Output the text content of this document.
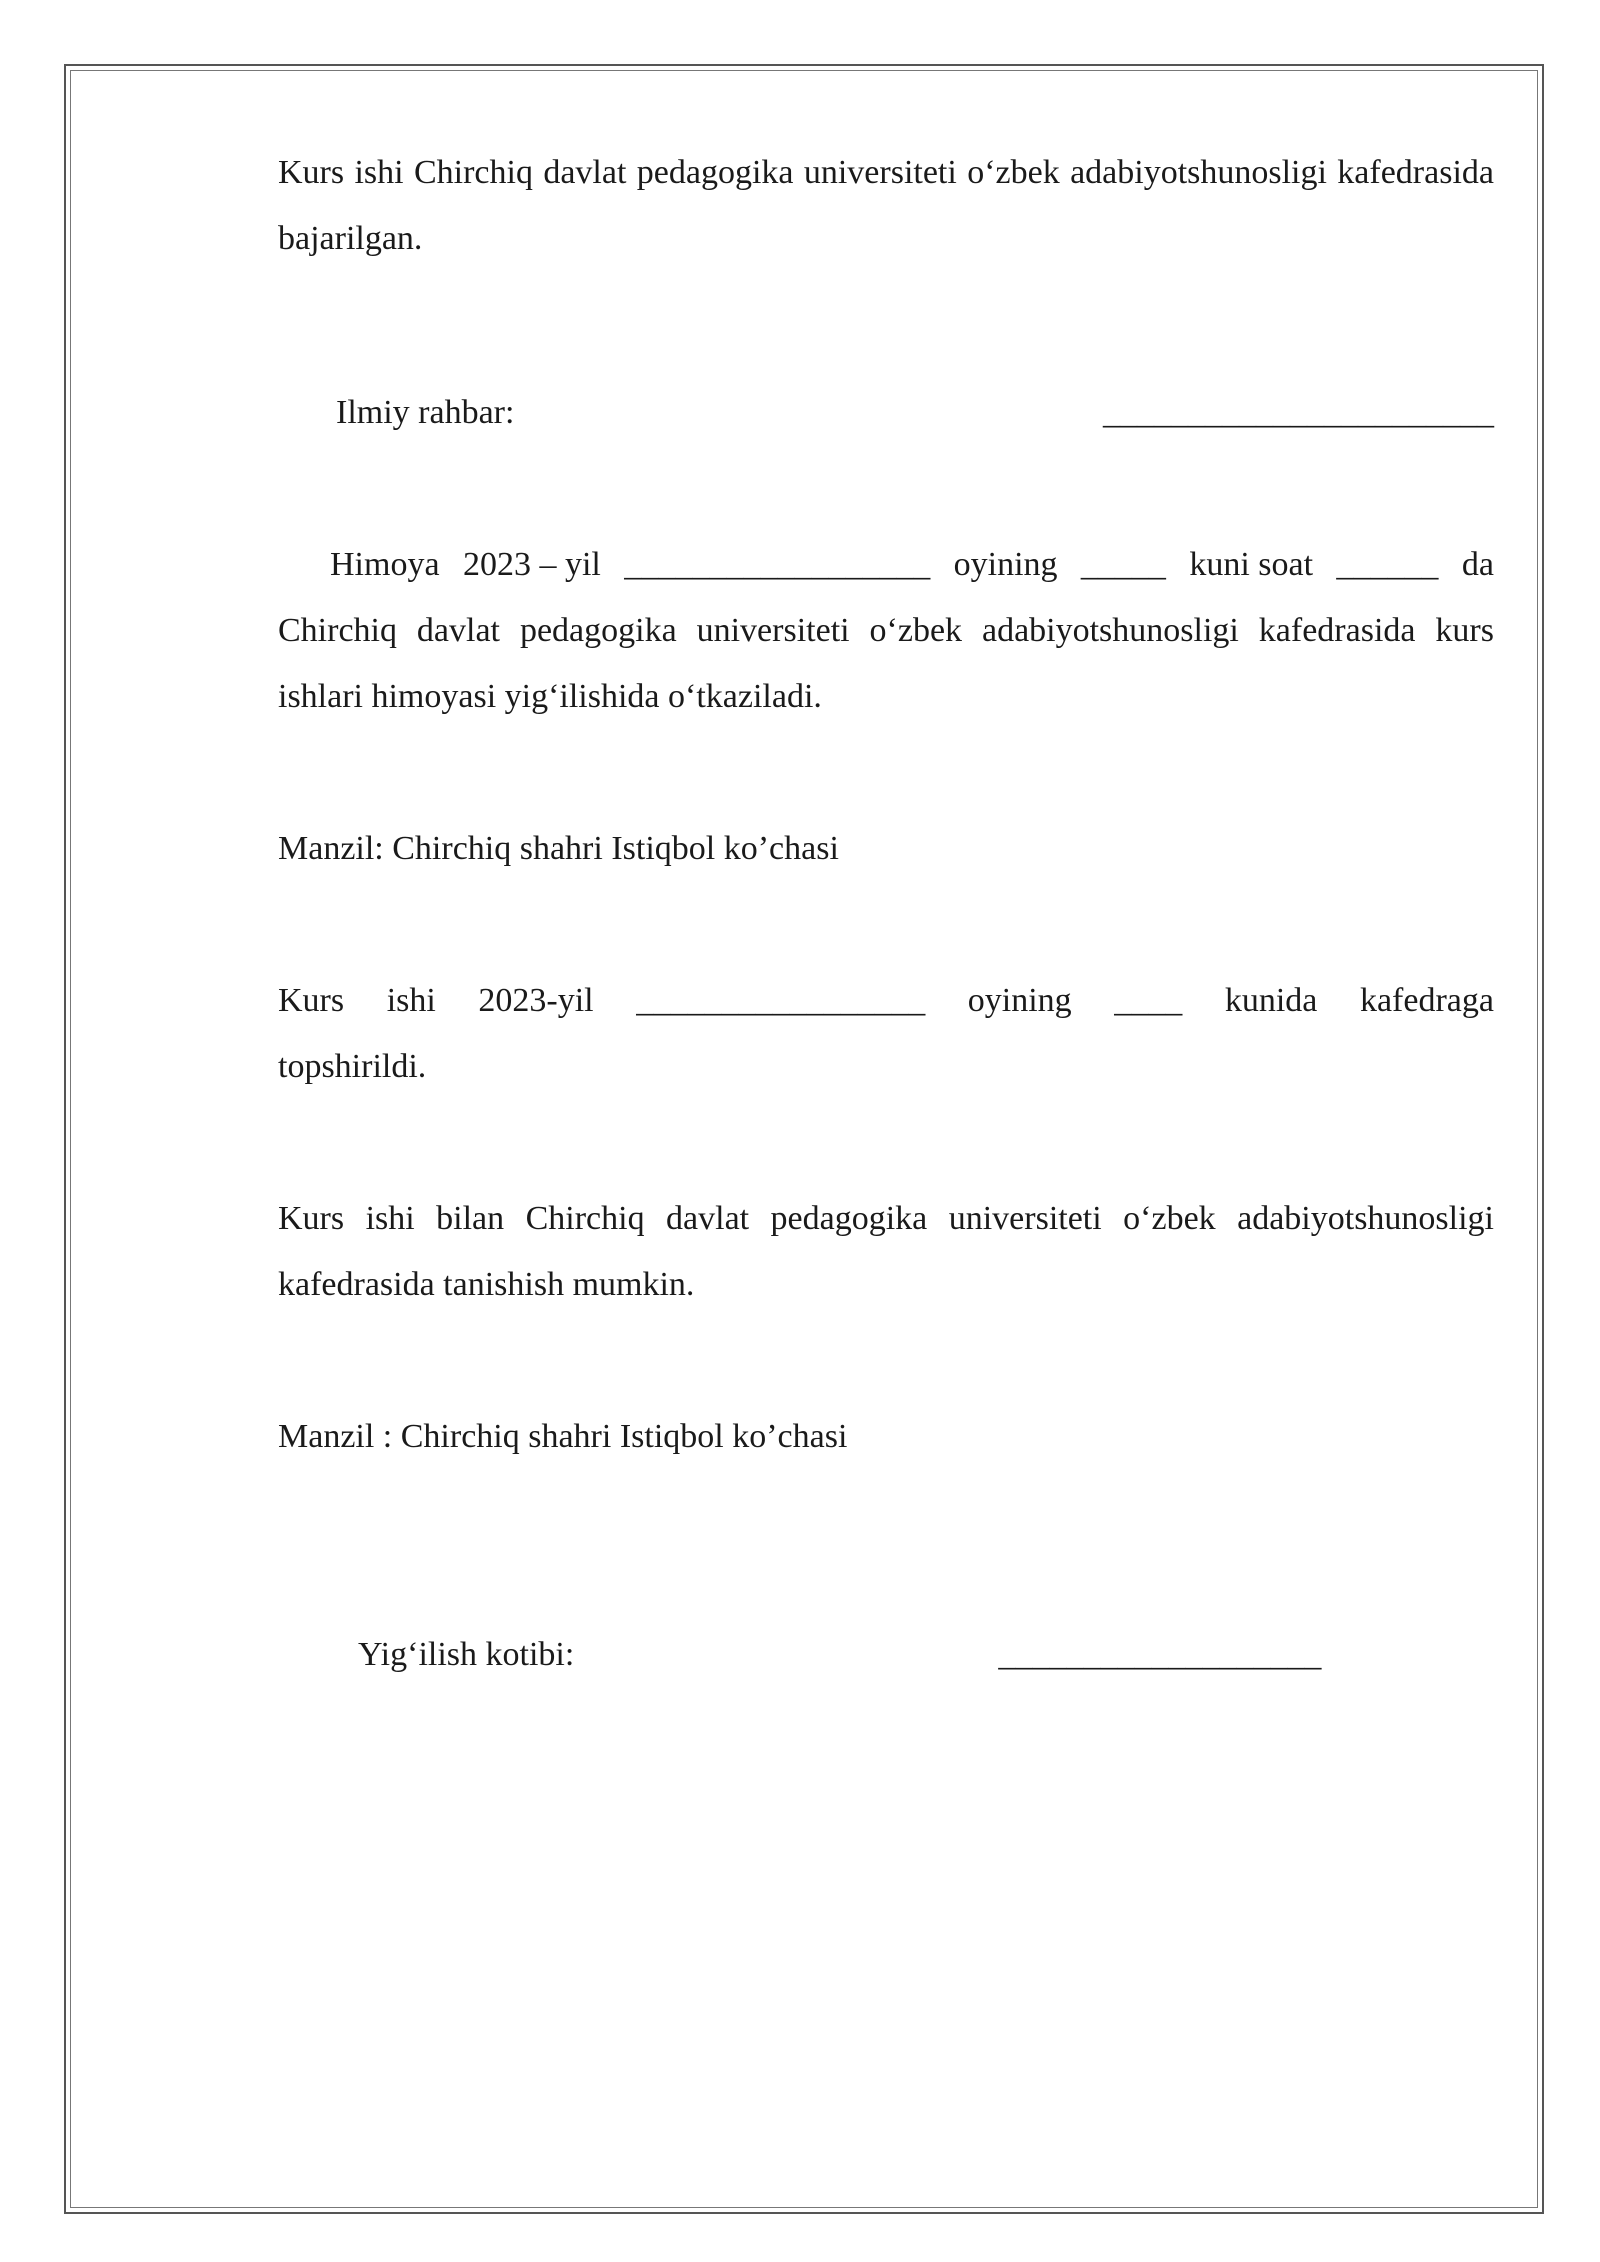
Kurs ishi Chirchiq davlat pedagogika universiteti o‘zbek adabiyotshunosligi kafedrasida bajarilgan.

Ilmiy rahbar:	_______________________
Himoya 2023 – yil __________________ oyining _____ kuni soat ______ da

Chirchiq davlat pedagogika universiteti o‘zbek adabiyotshunosligi kafedrasida kurs ishlari himoyasi yig‘ilishida o‘tkaziladi.

Manzil: Chirchiq shahri Istiqbol ko’chasi

Kurs ishi 2023-yil _________________ oyining ____ kunida kafedraga

topshirildi.

Kurs ishi bilan Chirchiq davlat pedagogika universiteti o‘zbek adabiyotshunosligi kafedrasida tanishish mumkin.

Manzil : Chirchiq shahri Istiqbol ko’chasi

Yig‘ilish kotibi:	___________________
